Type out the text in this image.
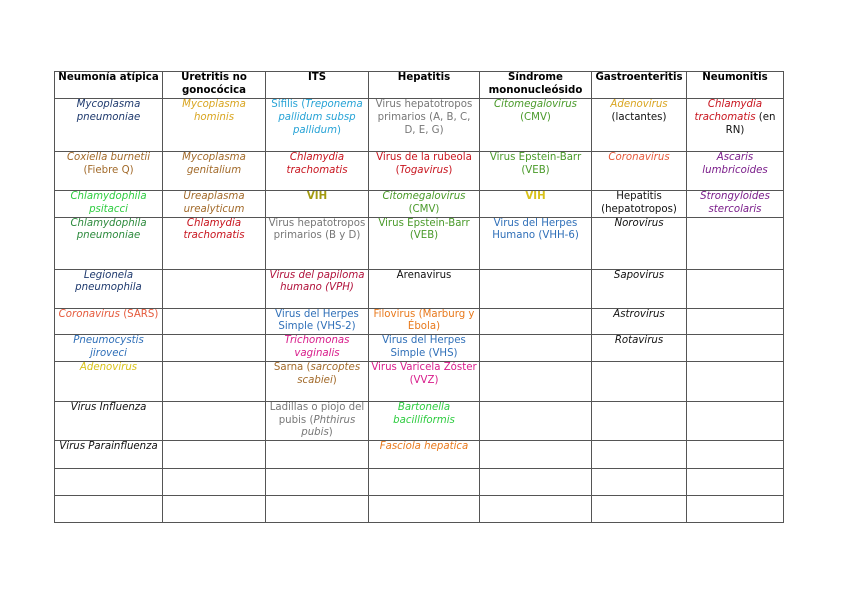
Neumonía atípica	Uretritis no gonocócica	ITS	Hepatitis	Síndrome mononucleósido	Gastroenteritis	Neumonitis
Mycoplasma pneumoniae	Mycoplasma hominis	Sífilis (Treponema pallidum subsp pallidum)	Virus hepatotropos primarios (A, B, C, D, E, G)	Citomegalovirus (CMV)	Adenovirus (lactantes)	Chlamydia trachomatis (en RN)
Coxiella burnetii (Fiebre Q)	Mycoplasma genitalium	Chlamydia trachomatis	Virus de la rubeola (Togavirus)	Virus Epstein-Barr (VEB)	Coronavirus	Ascaris lumbricoides
Chlamydophila psitacci	Ureaplasma urealyticum	VIH	Citomegalovirus (CMV)	VIH	Hepatitis (hepatotropos)	Strongyloides stercolaris
Chlamydophila pneumoniae	Chlamydia trachomatis	Virus hepatotropos primarios (B y D)	Virus Epstein-Barr (VEB)	Virus del Herpes Humano (VHH-6)	Norovirus	
Legionela pneumophila		Virus del papiloma humano (VPH)	Arenavirus		Sapovirus	
Coronavirus (SARS)		Virus del Herpes Simple (VHS-2)	Filovirus (Marburg y Ébola)		Astrovirus	
Pneumocystis jiroveci		Trichomonas vaginalis	Virus del Herpes Simple (VHS)		Rotavirus	
Adenovirus		Sarna (sarcoptes scabiei)	Virus Varicela Zóster (VVZ)			
Virus Influenza		Ladillas o piojo del pubis (Phthirus pubis)	Bartonella bacilliformis			
Virus Parainfluenza			Fasciola hepatica			
